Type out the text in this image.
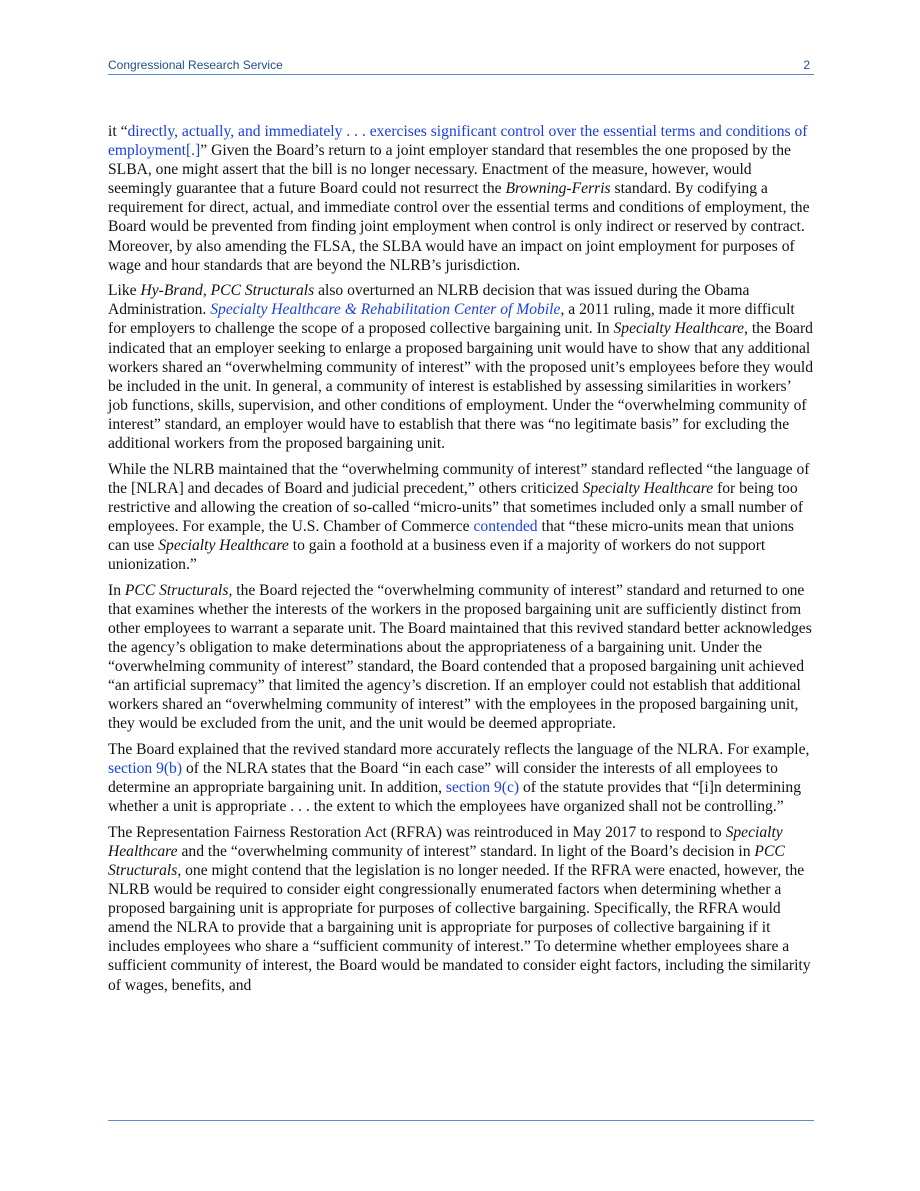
Congressional Research Service	2

it “directly, actually, and immediately . . . exercises significant control over the essential terms and conditions of employment[.]” Given the Board’s return to a joint employer standard that resembles the one proposed by the SLBA, one might assert that the bill is no longer necessary. Enactment of the measure, however, would seemingly guarantee that a future Board could not resurrect the Browning-Ferris standard. By codifying a requirement for direct, actual, and immediate control over the essential terms and conditions of employment, the Board would be prevented from finding joint employment when control is only indirect or reserved by contract. Moreover, by also amending the FLSA, the SLBA would have an impact on joint employment for purposes of wage and hour standards that are beyond the NLRB’s jurisdiction.

Like Hy-Brand, PCC Structurals also overturned an NLRB decision that was issued during the Obama Administration. Specialty Healthcare & Rehabilitation Center of Mobile, a 2011 ruling, made it more difficult for employers to challenge the scope of a proposed collective bargaining unit. In Specialty Healthcare, the Board indicated that an employer seeking to enlarge a proposed bargaining unit would have to show that any additional workers shared an “overwhelming community of interest” with the proposed unit’s employees before they would be included in the unit. In general, a community of interest is established by assessing similarities in workers’ job functions, skills, supervision, and other conditions of employment. Under the “overwhelming community of interest” standard, an employer would have to establish that there was “no legitimate basis” for excluding the additional workers from the proposed bargaining unit.

While the NLRB maintained that the “overwhelming community of interest” standard reflected “the language of the [NLRA] and decades of Board and judicial precedent,” others criticized Specialty Healthcare for being too restrictive and allowing the creation of so-called “micro-units” that sometimes included only a small number of employees. For example, the U.S. Chamber of Commerce contended that “these micro-units mean that unions can use Specialty Healthcare to gain a foothold at a business even if a majority of workers do not support unionization.”

In PCC Structurals, the Board rejected the “overwhelming community of interest” standard and returned to one that examines whether the interests of the workers in the proposed bargaining unit are sufficiently distinct from other employees to warrant a separate unit. The Board maintained that this revived standard better acknowledges the agency’s obligation to make determinations about the appropriateness of a bargaining unit. Under the “overwhelming community of interest” standard, the Board contended that a proposed bargaining unit achieved “an artificial supremacy” that limited the agency’s discretion. If an employer could not establish that additional workers shared an “overwhelming community of interest” with the employees in the proposed bargaining unit, they would be excluded from the unit, and the unit would be deemed appropriate.

The Board explained that the revived standard more accurately reflects the language of the NLRA. For example, section 9(b) of the NLRA states that the Board “in each case” will consider the interests of all employees to determine an appropriate bargaining unit. In addition, section 9(c) of the statute provides that “[i]n determining whether a unit is appropriate . . . the extent to which the employees have organized shall not be controlling.”

The Representation Fairness Restoration Act (RFRA) was reintroduced in May 2017 to respond to Specialty Healthcare and the “overwhelming community of interest” standard. In light of the Board’s decision in PCC Structurals, one might contend that the legislation is no longer needed. If the RFRA were enacted, however, the NLRB would be required to consider eight congressionally enumerated factors when determining whether a proposed bargaining unit is appropriate for purposes of collective bargaining. Specifically, the RFRA would amend the NLRA to provide that a bargaining unit is appropriate for purposes of collective bargaining if it includes employees who share a “sufficient community of interest.” To determine whether employees share a sufficient community of interest, the Board would be mandated to consider eight factors, including the similarity of wages, benefits, and
